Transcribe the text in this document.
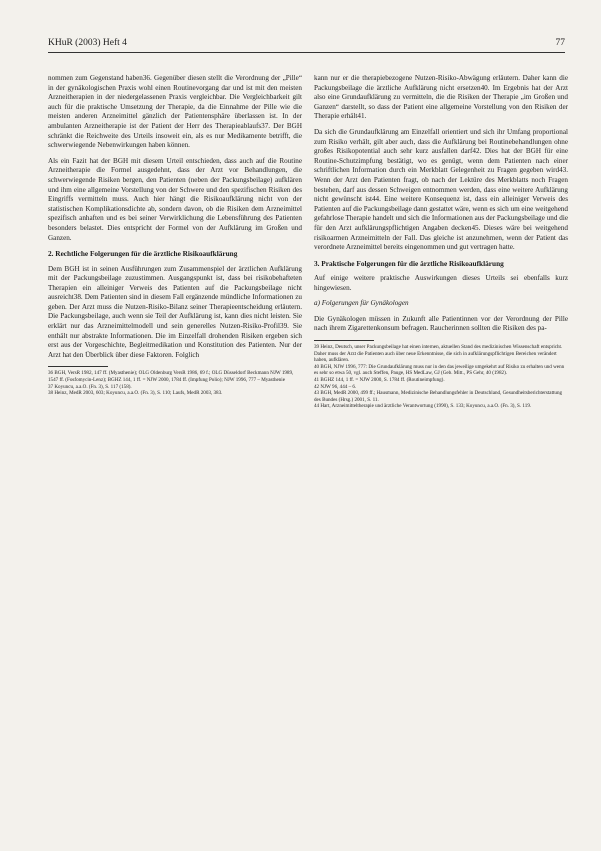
KHuR (2003) Heft 4	77

nommen zum Gegenstand haben36. Gegenüber diesen stellt die Verordnung der „Pille“ in der gynäkologischen Praxis wohl einen Routinevorgang dar und ist mit den meisten Arzneitherapien in der niedergelassenen Praxis vergleichbar. Die Vergleichbarkeit gilt auch für die praktische Umsetzung der Therapie, da die Einnahme der Pille wie die meisten anderen Arzneimittel gänzlich der Patientensphäre überlassen ist. In der ambulanten Arzneitherapie ist der Patient der Herr des Therapieablaufs37. Der BGH schränkt die Reichweite des Urteils insoweit ein, als es nur Medikamente betrifft, die schwerwiegende Nebenwirkungen haben können.

Als ein Fazit hat der BGH mit diesem Urteil entschieden, dass auch auf die Routine Arzneitherapie die Formel ausgedehnt, dass der Arzt vor Behandlungen, die schwerwiegende Risiken bergen, den Patienten (neben der Packungsbeilage) aufklären und ihm eine allgemeine Vorstellung von der Schwere und den spezifischen Risiken des Eingriffs vermitteln muss. Auch hier hängt die Risikoaufklärung nicht von der statistischen Komplikationsdichte ab, sondern davon, ob die Risiken dem Arzneimittel spezifisch anhaften und es bei seiner Verwirklichung die Lebensführung des Patienten besonders belastet. Dies entspricht der Formel von der Aufklärung im Großen und Ganzen.

2. Rechtliche Folgerungen für die ärztliche Risikoaufklärung

Dem BGH ist in seinen Ausführungen zum Zusammenspiel der ärztlichen Aufklärung mit der Packungsbeilage zuzustimmen. Ausgangspunkt ist, dass bei risikobehafteten Therapien ein alleiniger Verweis des Patienten auf die Packungsbeilage nicht ausreicht38. Dem Patienten sind in diesem Fall ergänzende mündliche Informationen zu geben. Der Arzt muss die Nutzen-Risiko-Bilanz seiner Therapieentscheidung erläutern. Die Packungsbeilage, auch wenn sie Teil der Aufklärung ist, kann dies nicht leisten. Sie erklärt nur das Arzneimittelmodell und sein generelles Nutzen-Risiko-Profil39. Sie enthält nur abstrakte Informationen. Die im Einzelfall drohenden Risiken ergeben sich erst aus der Vorgeschichte, Begleitmedikation und Konstitution des Patienten. Nur der Arzt hat den Überblick über diese Faktoren. Folglich

36 BGH, VersR 1982, 147 ff. (Myasthenie); OLG Oldenburg VersR 1986, 69 f.; OLG Düsseldorf Beckmann NJW 1989, 1547 ff. (Fosfomycin-Lenz); BGHZ 144, 1 ff. = NJW 2000, 1784 ff. (Impfung Polio); NJW 1996, 777 – Myasthenie
37 Koyuncu, a.a.O. (Fn. 3), S. 117 (158).
38 Heinz, MedR 2003, 603; Koyuncu, a.a.O. (Fn. 3), S. 110; Laufs, MedR 2003, 383.

kann nur er die therapiebezogene Nutzen-Risiko-Abwägung erläutern. Daher kann die Packungsbeilage die ärztliche Aufklärung nicht ersetzen40. Im Ergebnis hat der Arzt also eine Grundaufklärung zu vermitteln, die die Risiken der Therapie „im Großen und Ganzen“ darstellt, so dass der Patient eine allgemeine Vorstellung von den Risiken der Therapie erhält41.

Da sich die Grundaufklärung am Einzelfall orientiert und sich ihr Umfang proportional zum Risiko verhält, gilt aber auch, dass die Aufklärung bei Routinebehandlungen ohne großes Risikopotential auch sehr kurz ausfallen darf42. Dies hat der BGH für eine Routine-Schutzimpfung bestätigt, wo es genügt, wenn dem Patienten nach einer schriftlichen Information durch ein Merkblatt Gelegenheit zu Fragen gegeben wird43. Wenn der Arzt den Patienten fragt, ob nach der Lektüre des Merkblatts noch Fragen bestehen, darf aus dessen Schweigen entnommen werden, dass eine weitere Aufklärung nicht gewünscht ist44. Eine weitere Konsequenz ist, dass ein alleiniger Verweis des Patienten auf die Packungsbeilage dann gestattet wäre, wenn es sich um eine weitgehend gefahrlose Therapie handelt und sich die Informationen aus der Packungsbeilage und die für den Arzt aufklärungspflichtigen Angaben decken45. Dieses wäre bei weitgehend risikoarmen Arzneimitteln der Fall. Das gleiche ist anzunehmen, wenn der Patient das verordnete Arzneimittel bereits eingenommen und gut vertragen hatte.

3. Praktische Folgerungen für die ärztliche Risikoaufklärung

Auf einige weitere praktische Auswirkungen dieses Urteils sei ebenfalls kurz hingewiesen.

a) Folgerungen für Gynäkologen

Die Gynäkologen müssen in Zukunft alle Patientinnen vor der Verordnung der Pille nach ihrem Zigarettenkonsum befragen. Raucherinnen sollten die Risiken des pa-

39 Heinz, Deutsch, unser Packungsbeilage hat einen internen, aktuellen Stand des medizinischen Wissenschaft entspricht. Daher muss der Arzt die Patienten auch über neue Erkenntnisse, die sich in aufklärungspflichtigen Bereichen verändert haben, aufklären.
40 BGH, NJW 1996, 777: Die Grundaufklärung muss nur in den das jeweilige umgekehrt auf Risiko zu erhalten und wenn es sehr so etwa 50, vgl. auch Steffen, Pauge, HS MedLaw, GJ (Geb. Mitt., PS Gehr, 40 (1982).
41 BGHZ 144, 1 ff. = NJW 2000, S. 1784 ff. (Routineimpfung).
42 NJW 96, 444 – 6.
43 BGH, MedR 2000, 499 ff.; Hausmann, Medizinische Behandlungsfehler in Deutschland, Gesundheitsberichterstattung des Bundes (Hrsg.) 2001, S. 11.
44 Hart, Arzneimitteltherapie und ärztliche Verantwortung (1990), S. 133; Koyuncu, a.a.O. (Fn. 3), S. 119.
